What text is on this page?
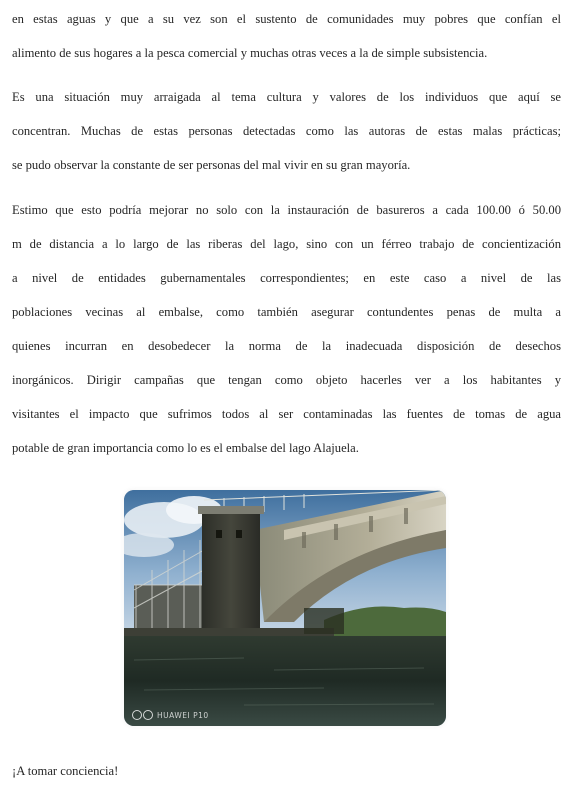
en estas aguas y que a su vez son el sustento de comunidades muy pobres que confían el
alimento de sus hogares a la pesca comercial y muchas otras veces a la de simple subsistencia.
Es una situación muy arraigada al tema cultura y valores de los individuos que aquí se
concentran. Muchas de estas personas detectadas como las autoras de estas malas prácticas;
se pudo observar la constante de ser personas del mal vivir en su gran mayoría.
Estimo que esto podría mejorar no solo con la instauración de basureros a cada 100.00 ó 50.00
m de distancia a lo largo de las riberas del lago, sino con un férreo trabajo de concientización
a nivel de entidades gubernamentales correspondientes; en este caso a nivel de las
poblaciones vecinas al embalse, como también asegurar contundentes penas de multa a
quienes incurran en desobedecer la norma de la inadecuada disposición de desechos
inorgánicos. Dirigir campañas que tengan como objeto hacerles ver a los habitantes y
visitantes el impacto que sufrimos todos al ser contaminadas las fuentes de tomas de agua
potable de gran importancia como lo es el embalse del lago Alajuela.
HUAWEI P10

¡A tomar conciencia!
